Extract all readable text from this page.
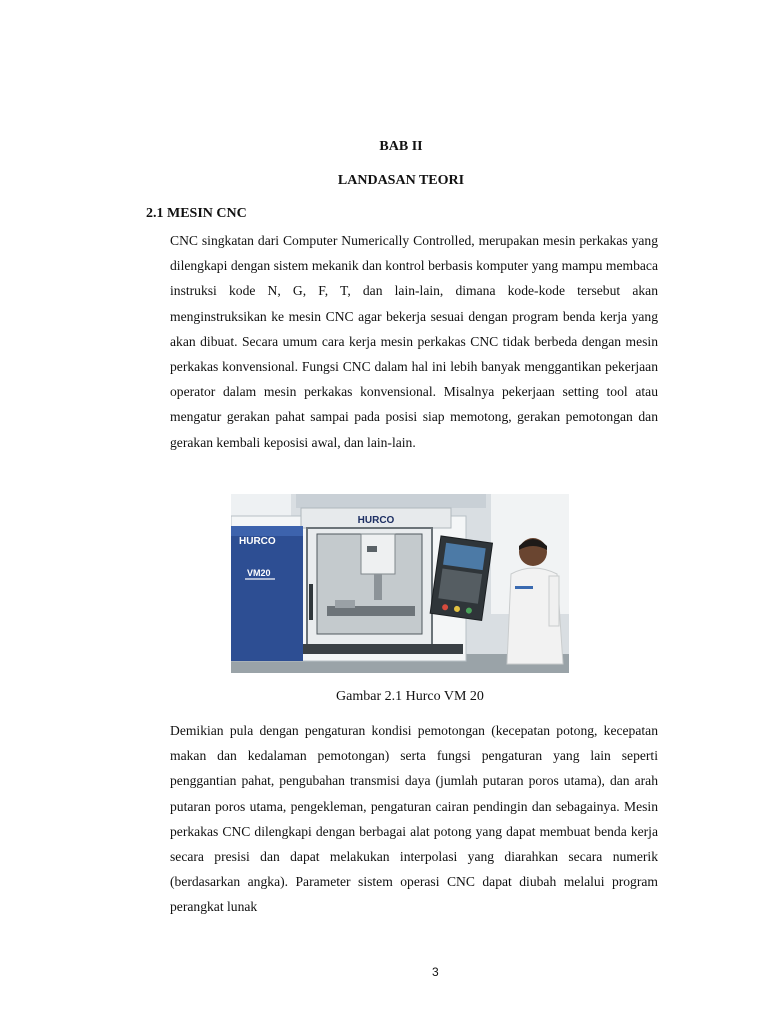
BAB II
LANDASAN TEORI
2.1 MESIN CNC

CNC singkatan dari Computer Numerically Controlled, merupakan mesin perkakas yang dilengkapi dengan sistem mekanik dan kontrol berbasis komputer yang mampu membaca instruksi kode N, G, F, T, dan lain-lain, dimana kode-kode tersebut akan menginstruksikan ke mesin CNC agar bekerja sesuai dengan program benda kerja yang akan dibuat. Secara umum cara kerja mesin perkakas CNC tidak berbeda dengan mesin perkakas konvensional. Fungsi CNC dalam hal ini lebih banyak menggantikan pekerjaan operator dalam mesin perkakas konvensional. Misalnya pekerjaan setting tool atau mengatur gerakan pahat sampai pada posisi siap memotong, gerakan pemotongan dan gerakan kembali keposisi awal, dan lain-lain.

HURCO
HURCO
VM20
Gambar 2.1 Hurco VM 20

Demikian pula dengan pengaturan kondisi pemotongan (kecepatan potong, kecepatan makan dan kedalaman pemotongan) serta fungsi pengaturan yang lain seperti penggantian pahat, pengubahan transmisi daya (jumlah putaran poros utama), dan arah putaran poros utama, pengekleman, pengaturan cairan pendingin dan sebagainya. Mesin perkakas CNC dilengkapi dengan berbagai alat potong yang dapat membuat benda kerja secara presisi dan dapat melakukan interpolasi yang diarahkan secara numerik (berdasarkan angka). Parameter sistem operasi CNC dapat diubah melalui program perangkat lunak

3
